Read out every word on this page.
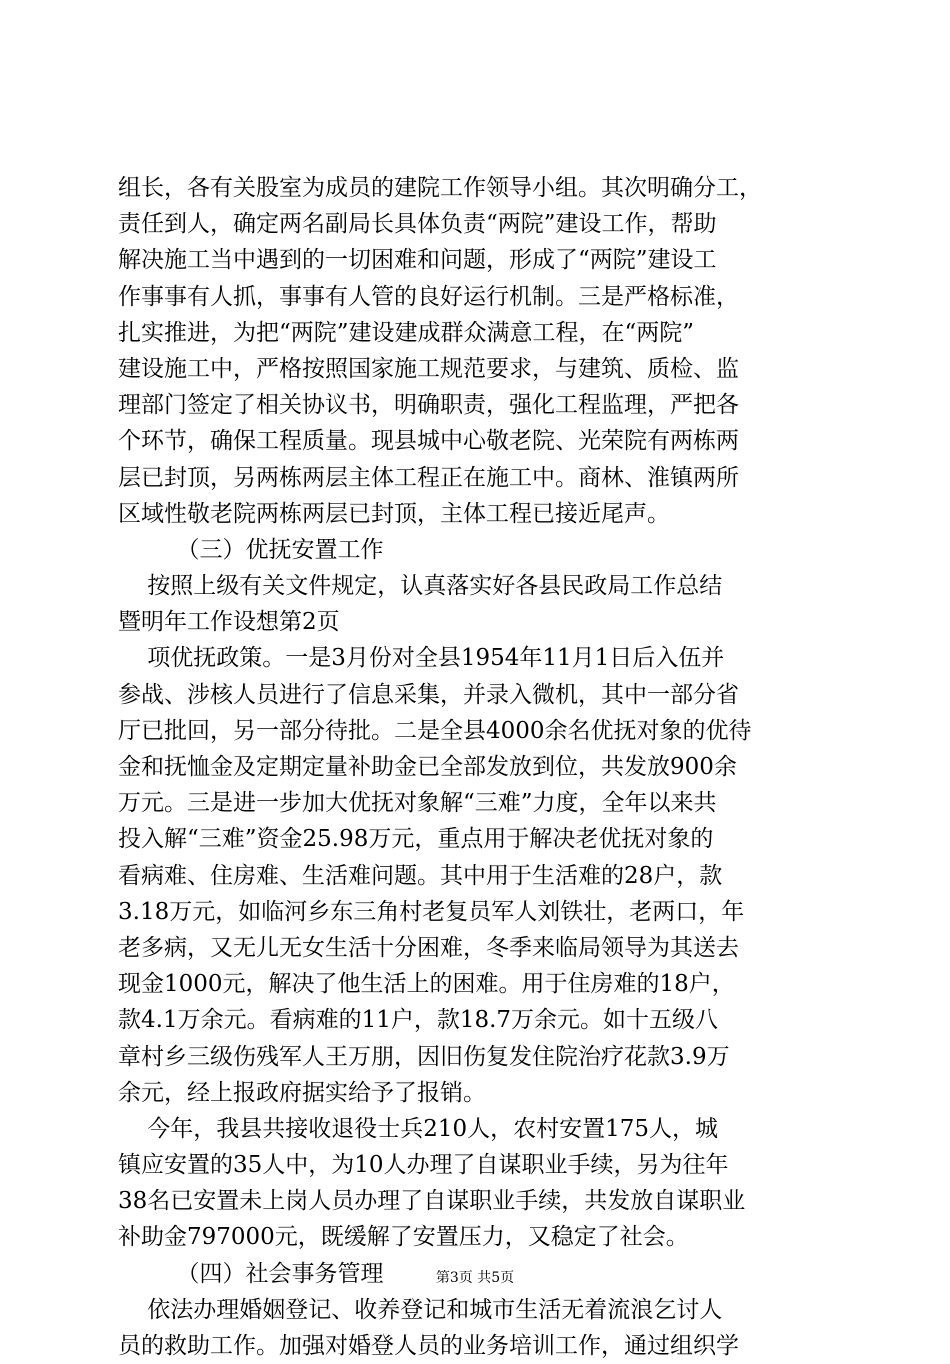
组长，各有关股室为成员的建院工作领导小组。其次明确分工，
责任到人，确定两名副局长具体负责“两院”建设工作，帮助
解决施工当中遇到的一切困难和问题，形成了“两院”建设工
作事事有人抓，事事有人管的良好运行机制。三是严格标准，
扎实推进，为把“两院”建设建成群众满意工程，在“两院”
建设施工中，严格按照国家施工规范要求，与建筑、质检、监
理部门签定了相关协议书，明确职责，强化工程监理，严把各
个环节，确保工程质量。现县城中心敬老院、光荣院有两栋两
层已封顶，另两栋两层主体工程正在施工中。商林、淮镇两所
区域性敬老院两栋两层已封顶，主体工程已接近尾声。
（三）优抚安置工作
按照上级有关文件规定，认真落实好各县民政局工作总结
暨明年工作设想第2页
项优抚政策。一是3月份对全县1954年11月1日后入伍并
参战、涉核人员进行了信息采集，并录入微机，其中一部分省
厅已批回，另一部分待批。二是全县4000余名优抚对象的优待
金和抚恤金及定期定量补助金已全部发放到位，共发放900余
万元。三是进一步加大优抚对象解“三难”力度，全年以来共
投入解“三难”资金25.98万元，重点用于解决老优抚对象的
看病难、住房难、生活难问题。其中用于生活难的28户，款
3.18万元，如临河乡东三角村老复员军人刘铁壮，老两口，年
老多病，又无儿无女生活十分困难，冬季来临局领导为其送去
现金1000元，解决了他生活上的困难。用于住房难的18户，
款4.1万余元。看病难的11户，款18.7万余元。如十五级八
章村乡三级伤残军人王万朋，因旧伤复发住院治疗花款3.9万
余元，经上报政府据实给予了报销。
今年，我县共接收退役士兵210人，农村安置175人，城
镇应安置的35人中，为10人办理了自谋职业手续，另为往年
38名已安置未上岗人员办理了自谋职业手续，共发放自谋职业
补助金797000元，既缓解了安置压力，又稳定了社会。
（四）社会事务管理
依法办理婚姻登记、收养登记和城市生活无着流浪乞讨人
员的救助工作。加强对婚登人员的业务培训工作，通过组织学
第3页 共5页
